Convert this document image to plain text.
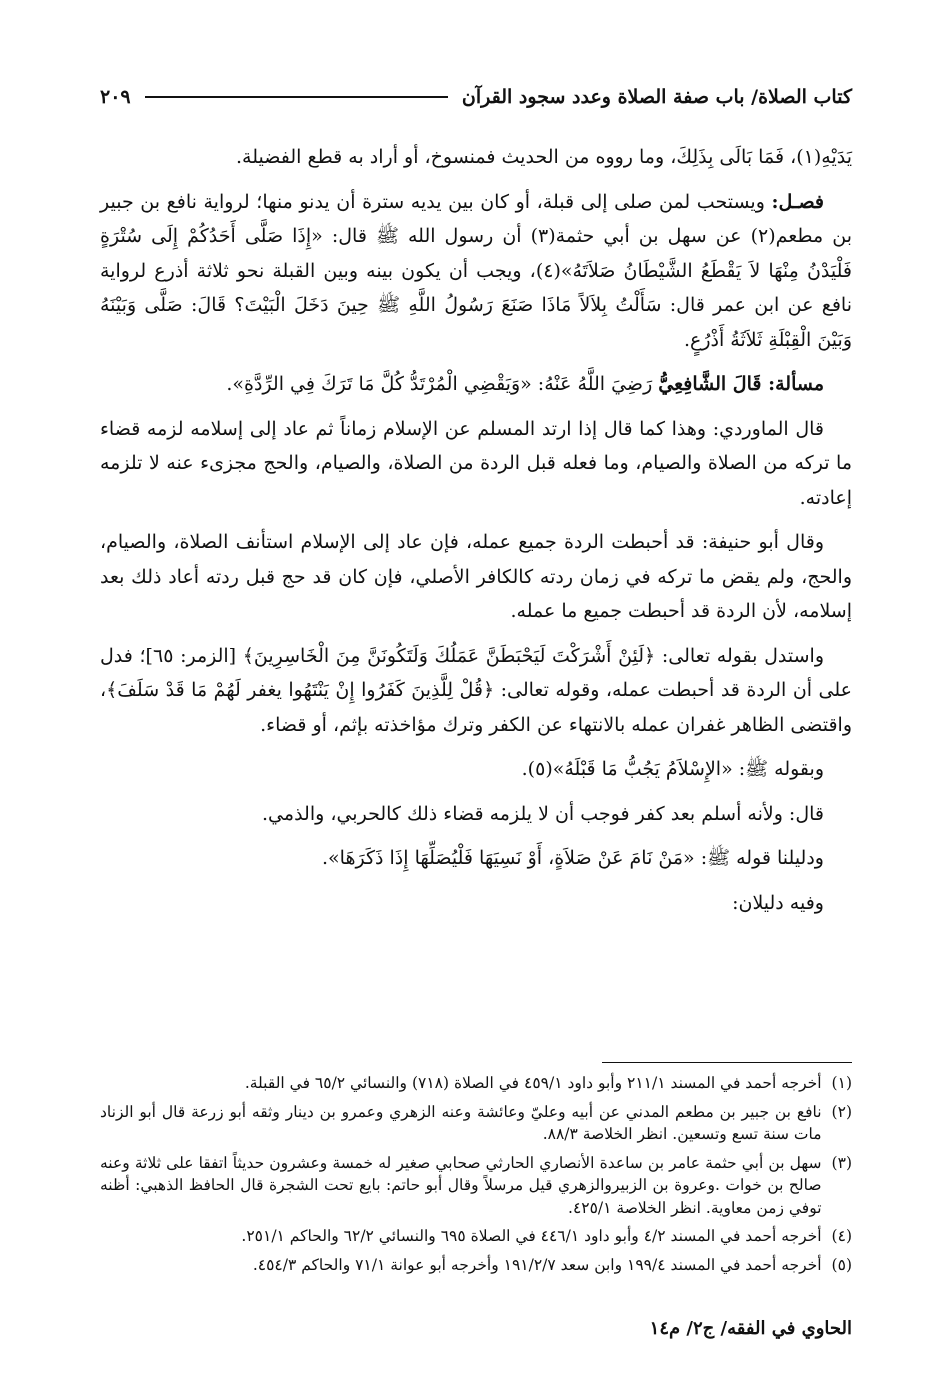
كتاب الصلاة/ باب صفة الصلاة وعدد سجود القرآن
٢٠٩

يَدَيْهِ(١)، فَمَا بَالَى بِذَلِكَ، وما رووه من الحديث فمنسوخ، أو أراد به قطع الفضيلة.

فصـل: ويستحب لمن صلى إلى قبلة، أو كان بين يديه سترة أن يدنو منها؛ لرواية نافع بن جبير بن مطعم(٢) عن سهل بن أبي حثمة(٣) أن رسول الله ﷺ قال: «إِذَا صَلَّى أَحَدُكُمْ إِلَى سُتْرَةٍ فَلْيَدْنُ مِنْهَا لاَ يَقْطَعُ الشَّيْطَانُ صَلاَتَهُ»(٤)، ويجب أن يكون بينه وبين القبلة نحو ثلاثة أذرع لرواية نافع عن ابن عمر قال: سَأَلْتُ بِلاَلاً مَاذَا صَنَعَ رَسُولُ اللَّهِ ﷺ حِينَ دَخَلَ الْبَيْتَ؟ قَالَ: صَلَّى وَبَيْنَهُ وَبَيْنَ الْقِبْلَةِ ثَلاَثَةُ أَذْرُعٍ.

مسألة: قَالَ الشَّافِعِيُّ رَضِيَ اللَّهُ عَنْهُ: «وَيَقْضِي الْمُرْتَدُّ كُلَّ مَا تَرَكَ فِي الرِّدَّةِ».

قال الماوردي: وهذا كما قال إذا ارتد المسلم عن الإسلام زماناً ثم عاد إلى إسلامه لزمه قضاء ما تركه من الصلاة والصيام، وما فعله قبل الردة من الصلاة، والصيام، والحج مجزىء عنه لا تلزمه إعادته.

وقال أبو حنيفة: قد أحبطت الردة جميع عمله، فإن عاد إلى الإسلام استأنف الصلاة، والصيام، والحج، ولم يقض ما تركه في زمان ردته كالكافر الأصلي، فإن كان قد حج قبل ردته أعاد ذلك بعد إسلامه، لأن الردة قد أحبطت جميع ما عمله.

واستدل بقوله تعالى: ﴿لَئِنْ أَشْرَكْتَ لَيَحْبَطَنَّ عَمَلُكَ وَلَتَكُونَنَّ مِنَ الْخَاسِرِينَ﴾ [الزمر: ٦٥]؛ فدل على أن الردة قد أحبطت عمله، وقوله تعالى: ﴿قُلْ لِلَّذِينَ كَفَرُوا إِنْ يَنْتَهُوا يغفر لَهُمْ مَا قَدْ سَلَفَ﴾، واقتضى الظاهر غفران عمله بالانتهاء عن الكفر وترك مؤاخذته بإثم، أو قضاء.

وبقوله ﷺ: «الإِسْلاَمُ يَجُبُّ مَا قَبْلَهُ»(٥).

قال: ولأنه أسلم بعد كفر فوجب أن لا يلزمه قضاء ذلك كالحربي، والذمي.

ودليلنا قوله ﷺ: «مَنْ نَامَ عَنْ صَلاَةٍ، أَوْ نَسِيَهَا فَلْيُصَلِّهَا إِذَا ذَكَرَهَا».

وفيه دليلان:

(١)
أخرجه أحمد في المسند ٢١١/١ وأبو داود ٤٥٩/١ في الصلاة (٧١٨) والنسائي ٦٥/٢ في القبلة.
(٢)
نافع بن جبير بن مطعم المدني عن أبيه وعليّ وعائشة وعنه الزهري وعمرو بن دينار وثقه أبو زرعة قال أبو الزناد مات سنة تسع وتسعين. انظر الخلاصة ٨٨/٣.
(٣)
سهل بن أبي حثمة عامر بن ساعدة الأنصاري الحارثي صحابي صغير له خمسة وعشرون حديثاً اتفقا على ثلاثة وعنه صالح بن خوات .وعروة بن الزبيروالزهري قيل مرسلاً وقال أبو حاتم: بايع تحت الشجرة قال الحافظ الذهبي: أظنه توفي زمن معاوية. انظر الخلاصة ٤٢٥/١.
(٤)
أخرجه أحمد في المسند ٤/٢ وأبو داود ٤٤٦/١ في الصلاة ٦٩٥ والنسائي ٦٢/٢ والحاكم ٢٥١/١.
(٥)
أخرجه أحمد في المسند ١٩٩/٤ وابن سعد ١٩١/٢/٧ وأخرجه أبو عوانة ٧١/١ والحاكم ٤٥٤/٣.
الحاوي في الفقه/ ج٢/ م١٤
